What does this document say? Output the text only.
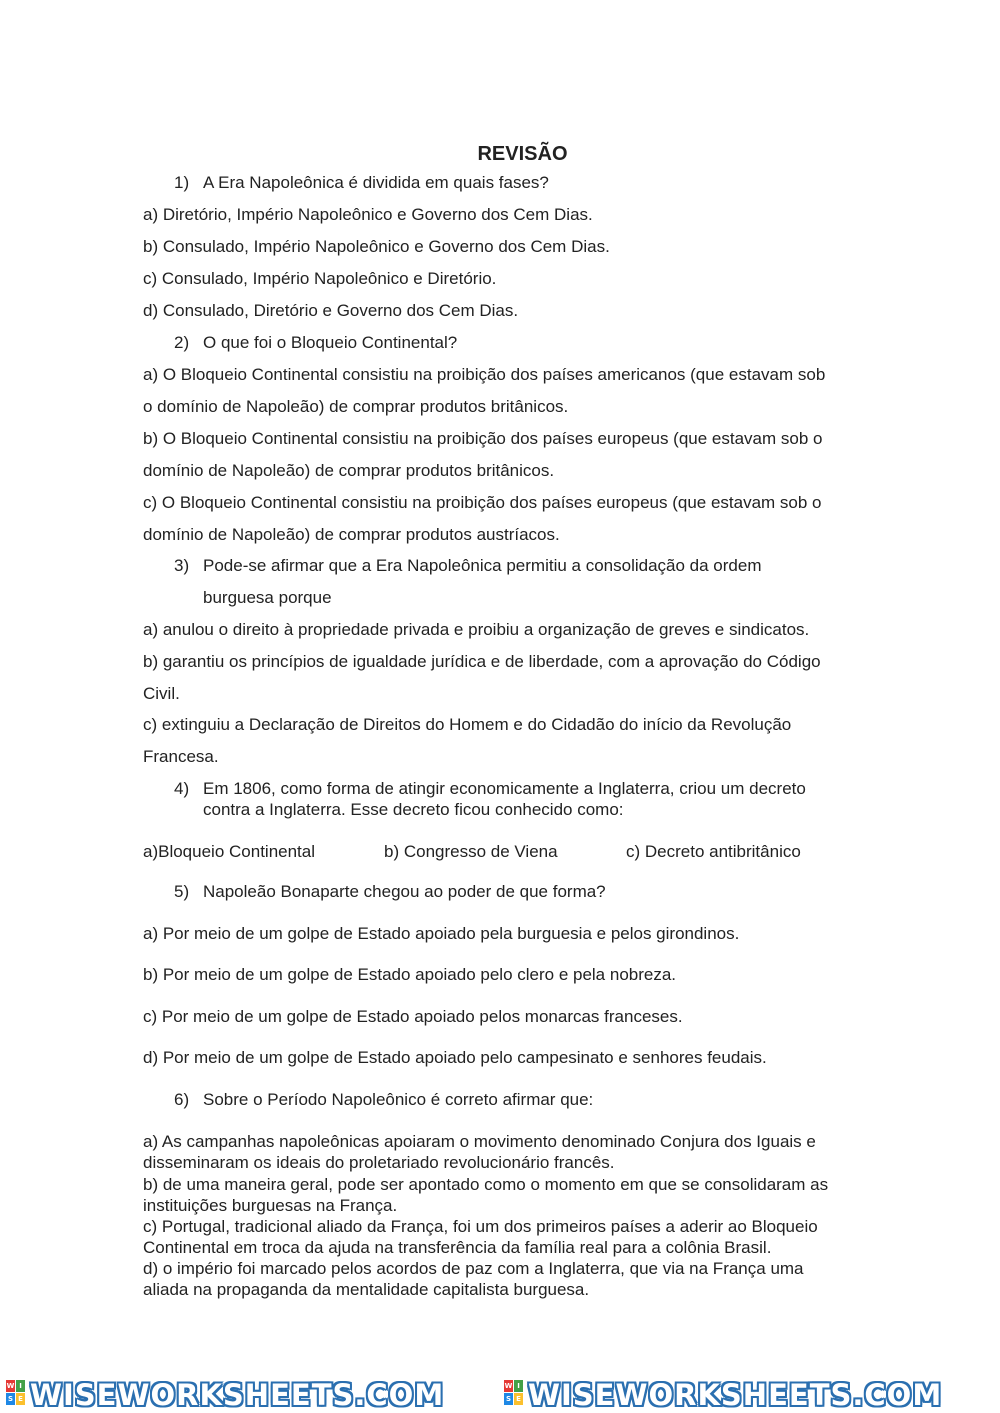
REVISÃO
1) A Era Napoleônica é dividida em quais fases?
a) Diretório, Império Napoleônico e Governo dos Cem Dias.
b) Consulado, Império Napoleônico e Governo dos Cem Dias.
c) Consulado, Império Napoleônico e Diretório.
d) Consulado, Diretório e Governo dos Cem Dias.
2) O que foi o Bloqueio Continental?
a) O Bloqueio Continental consistiu na proibição dos países americanos (que estavam sob
o domínio de Napoleão) de comprar produtos britânicos.
b) O Bloqueio Continental consistiu na proibição dos países europeus (que estavam sob o
domínio de Napoleão) de comprar produtos britânicos.
c) O Bloqueio Continental consistiu na proibição dos países europeus (que estavam sob o
domínio de Napoleão) de comprar produtos austríacos.
3) Pode-se afirmar que a Era Napoleônica permitiu a consolidação da ordem
burguesa porque
a) anulou o direito à propriedade privada e proibiu a organização de greves e sindicatos.
b) garantiu os princípios de igualdade jurídica e de liberdade, com a aprovação do Código
Civil.
c) extinguiu a Declaração de Direitos do Homem e do Cidadão do início da Revolução
Francesa.
4) Em 1806, como forma de atingir economicamente a Inglaterra, criou um decreto
contra a Inglaterra. Esse decreto ficou conhecido como:
a)Bloqueio Continental	b) Congresso de Viena	c) Decreto antibritânico
5) Napoleão Bonaparte chegou ao poder de que forma?
a) Por meio de um golpe de Estado apoiado pela burguesia e pelos girondinos.
b) Por meio de um golpe de Estado apoiado pelo clero e pela nobreza.
c) Por meio de um golpe de Estado apoiado pelos monarcas franceses.
d) Por meio de um golpe de Estado apoiado pelo campesinato e senhores feudais.
6) Sobre o Período Napoleônico é correto afirmar que:
a) As campanhas napoleônicas apoiaram o movimento denominado Conjura dos Iguais e
disseminaram os ideais do proletariado revolucionário francês.
b) de uma maneira geral, pode ser apontado como o momento em que se consolidaram as
instituições burguesas na França.
c) Portugal, tradicional aliado da França, foi um dos primeiros países a aderir ao Bloqueio
Continental em troca da ajuda na transferência da família real para a colônia Brasil.
d) o império foi marcado pelos acordos de paz com a Inglaterra, que via na França uma
aliada na propaganda da mentalidade capitalista burguesa.
W I
S E WISEWORKSHEETS.COM	W I
S E WISEWORKSHEETS.COM
